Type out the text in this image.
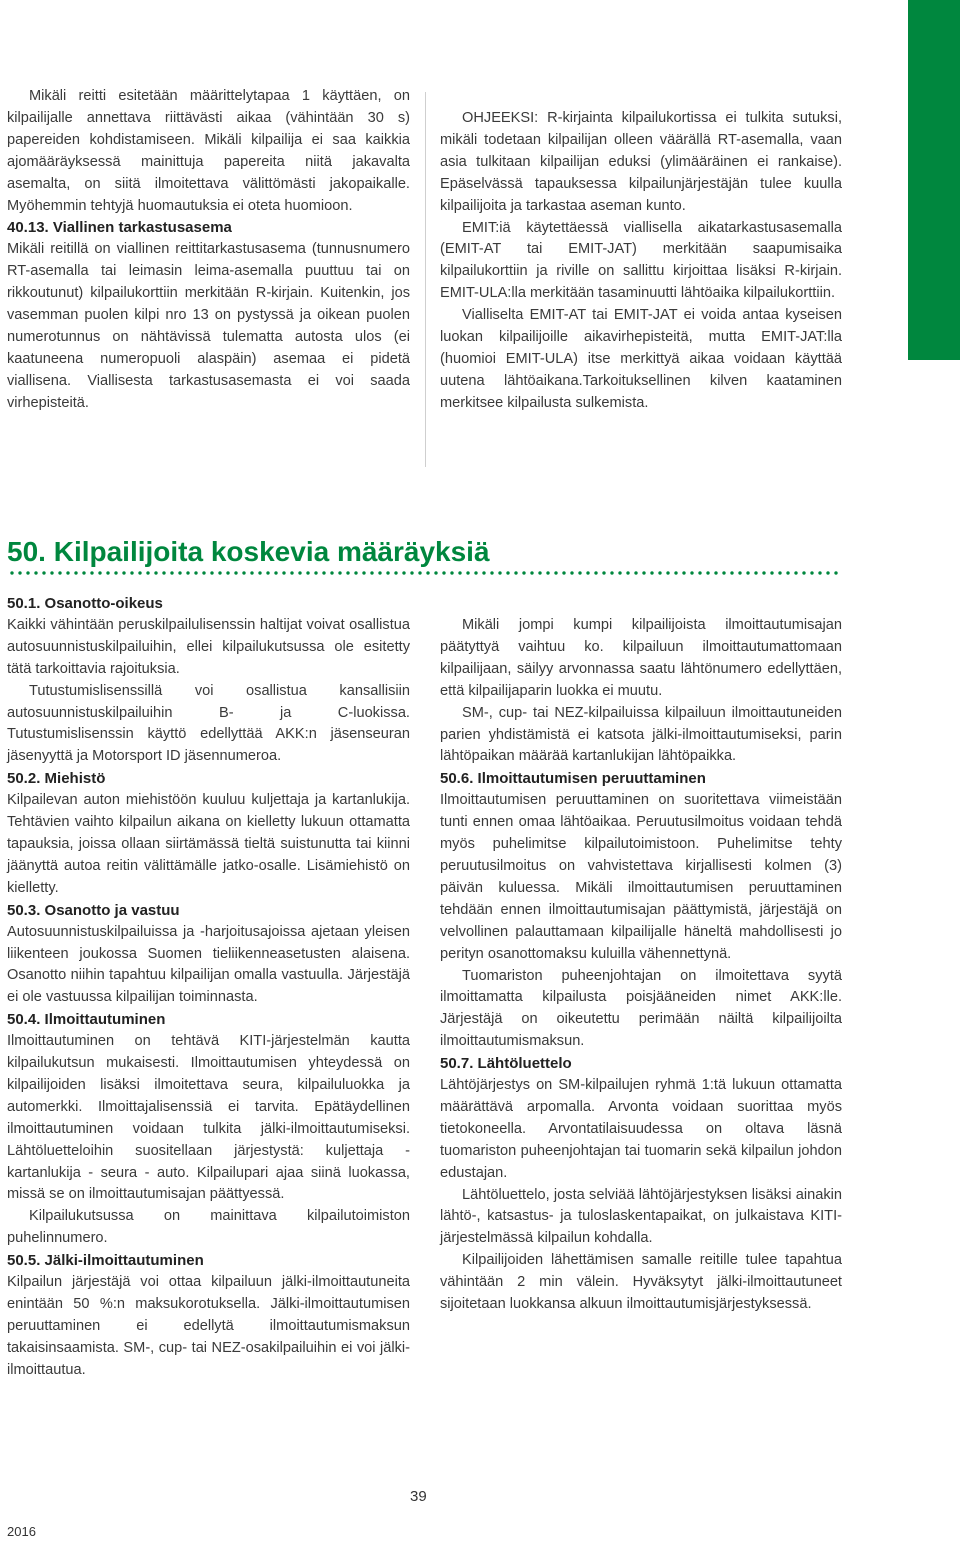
Mikäli reitti esitetään määrittelytapaa 1 käyttäen, on kilpailijalle annettava riittävästi aikaa (vähintään 30 s) papereiden kohdistamiseen. Mikäli kilpailija ei saa kaikkia ajomääräyksessä mainittuja papereita niitä jakavalta asemalta, on siitä ilmoitettava välittömästi jakopaikalle. Myöhemmin tehtyjä huomautuksia ei oteta huomioon.

40.13. Viallinen tarkastusasema

Mikäli reitillä on viallinen reittitarkastusasema (tunnusnumero RT-asemalla tai leimasin leima-asemalla puuttuu tai on rikkoutunut) kilpailukorttiin merkitään R-kirjain. Kuitenkin, jos vasemman puolen kilpi nro 13 on pystyssä ja oikean puolen numerotunnus on nähtävissä tulematta autosta ulos (ei kaatuneena numeropuoli alaspäin) asemaa ei pidetä viallisena. Viallisesta tarkastusasemasta ei voi saada virhepisteitä.

OHJEEKSI: R-kirjainta kilpailukortissa ei tulkita sutuksi, mikäli todetaan kilpailijan olleen väärällä RT-asemalla, vaan asia tulkitaan kilpailijan eduksi (ylimääräinen ei rankaise). Epäselvässä tapauksessa kilpailunjärjestäjän tulee kuulla kilpailijoita ja tarkastaa aseman kunto.

EMIT:iä käytettäessä viallisella aikatarkastusasemalla (EMIT-AT tai EMIT-JAT) merkitään saapumisaika kilpailukorttiin ja riville on sallittu kirjoittaa lisäksi R-kirjain. EMIT-ULA:lla merkitään tasaminuutti lähtöaika kilpailukorttiin.

Vialliselta EMIT-AT tai EMIT-JAT ei voida antaa kyseisen luokan kilpailijoille aikavirhepisteitä, mutta EMIT-JAT:lla (huomioi EMIT-ULA) itse merkittyä aikaa voidaan käyttää uutena lähtöaikana.Tarkoituksellinen kilven kaataminen merkitsee kilpailusta sulkemista.

50. Kilpailijoita koskevia määräyksiä
50.1. Osanotto-oikeus

Kaikki vähintään peruskilpailulisenssin haltijat voivat osallistua autosuunnistuskilpailuihin, ellei kilpailukutsussa ole esitetty tätä tarkoittavia rajoituksia.

Tutustumislisenssillä voi osallistua kansallisiin autosuunnistuskilpailuihin B- ja C-luokissa. Tutustumislisenssin käyttö edellyttää AKK:n jäsenseuran jäsenyyttä ja Motorsport ID jäsennumeroa.

50.2. Miehistö

Kilpailevan auton miehistöön kuuluu kuljettaja ja kartanlukija. Tehtävien vaihto kilpailun aikana on kielletty lukuun ottamatta tapauksia, joissa ollaan siirtämässä tieltä suistunutta tai kiinni jäänyttä autoa reitin välittämälle jatko-osalle. Lisämiehistö on kielletty.

50.3. Osanotto ja vastuu

Autosuunnistuskilpailuissa ja -harjoitusajoissa ajetaan yleisen liikenteen joukossa Suomen tieliikenneasetusten alaisena. Osanotto niihin tapahtuu kilpailijan omalla vastuulla. Järjestäjä ei ole vastuussa kilpailijan toiminnasta.

50.4. Ilmoittautuminen

Ilmoittautuminen on tehtävä KITI-järjestelmän kautta kilpailukutsun mukaisesti. Ilmoittautumisen yhteydessä on kilpailijoiden lisäksi ilmoitettava seura, kilpailuluokka ja automerkki. Ilmoittajalisenssiä ei tarvita. Epätäydellinen ilmoittautuminen voidaan tulkita jälki-ilmoittautumiseksi. Lähtöluetteloihin suositellaan järjestystä: kuljettaja - kartanlukija - seura - auto. Kilpailupari ajaa siinä luokassa, missä se on ilmoittautumisajan päättyessä.

Kilpailukutsussa on mainittava kilpailutoimiston puhelinnumero.

50.5. Jälki-ilmoittautuminen

Kilpailun järjestäjä voi ottaa kilpailuun jälki-ilmoittautuneita enintään 50 %:n maksukorotuksella. Jälki-ilmoittautumisen peruuttaminen ei edellytä ilmoittautumismaksun takaisinsaamista. SM-, cup- tai NEZ-osakilpailuihin ei voi jälki-ilmoittautua.

Mikäli jompi kumpi kilpailijoista ilmoittautumisajan päätyttyä vaihtuu ko. kilpailuun ilmoittautumattomaan kilpailijaan, säilyy arvonnassa saatu lähtönumero edellyttäen, että kilpailijaparin luokka ei muutu.

SM-, cup- tai NEZ-kilpailuissa kilpailuun ilmoittautuneiden parien yhdistämistä ei katsota jälki-ilmoittautumiseksi, parin lähtöpaikan määrää kartanlukijan lähtöpaikka.

50.6. Ilmoittautumisen peruuttaminen

Ilmoittautumisen peruuttaminen on suoritettava viimeistään tunti ennen omaa lähtöaikaa. Peruutusilmoitus voidaan tehdä myös puhelimitse kilpailutoimistoon. Puhelimitse tehty peruutusilmoitus on vahvistettava kirjallisesti kolmen (3) päivän kuluessa. Mikäli ilmoittautumisen peruuttaminen tehdään ennen ilmoittautumisajan päättymistä, järjestäjä on velvollinen palauttamaan kilpailijalle häneltä mahdollisesti jo perityn osanottomaksu kuluilla vähennettynä.

Tuomariston puheenjohtajan on ilmoitettava syytä ilmoittamatta kilpailusta poisjääneiden nimet AKK:lle. Järjestäjä on oikeutettu perimään näiltä kilpailijoilta ilmoittautumismaksun.

50.7. Lähtöluettelo

Lähtöjärjestys on SM-kilpailujen ryhmä 1:tä lukuun ottamatta määrättävä arpomalla. Arvonta voidaan suorittaa myös tietokoneella. Arvontatilaisuudessa on oltava läsnä tuomariston puheenjohtajan tai tuomarin sekä kilpailun johdon edustajan.

Lähtöluettelo, josta selviää lähtöjärjestyksen lisäksi ainakin lähtö-, katsastus- ja tuloslaskentapaikat, on julkaistava KITI-järjestelmässä kilpailun kohdalla.

Kilpailijoiden lähettämisen samalle reitille tulee tapahtua vähintään 2 min välein. Hyväksytyt jälki-ilmoittautuneet sijoitetaan luokkansa alkuun ilmoittautumisjärjestyksessä.

39
2016
